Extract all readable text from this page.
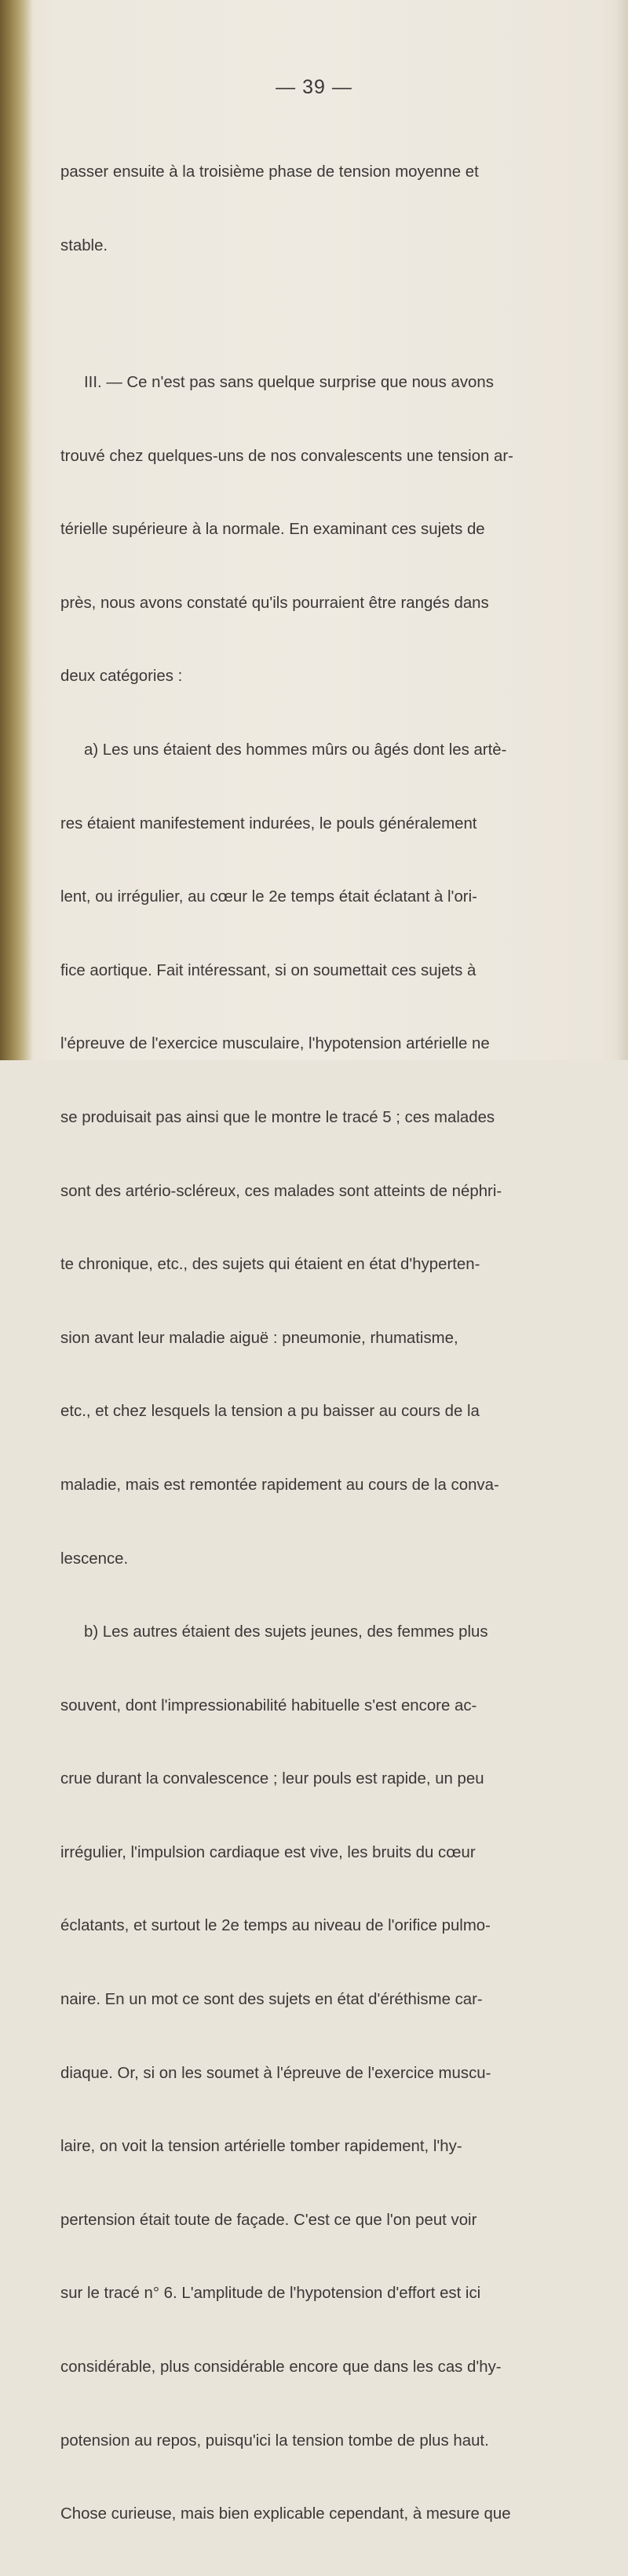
— 39 —

passer ensuite à la troisième phase de tension moyenne et

stable.

III. — Ce n'est pas sans quelque surprise que nous avons

trouvé chez quelques-uns de nos convalescents une tension ar-

térielle supérieure à la normale. En examinant ces sujets de

près, nous avons constaté qu'ils pourraient être rangés dans

deux catégories :

a) Les uns étaient des hommes mûrs ou âgés dont les artè-

res étaient manifestement indurées, le pouls généralement

lent, ou irrégulier, au cœur le 2e temps était éclatant à l'ori-

fice aortique. Fait intéressant, si on soumettait ces sujets à

l'épreuve de l'exercice musculaire, l'hypotension artérielle ne

se produisait pas ainsi que le montre le tracé 5 ; ces malades

sont des artério-scléreux, ces malades sont atteints de néphri-

te chronique, etc., des sujets qui étaient en état d'hyperten-

sion avant leur maladie aiguë : pneumonie, rhumatisme,

etc., et chez lesquels la tension a pu baisser au cours de la

maladie, mais est remontée rapidement au cours de la conva-

lescence.

b) Les autres étaient des sujets jeunes, des femmes plus

souvent, dont l'impressionabilité habituelle s'est encore ac-

crue durant la convalescence ; leur pouls est rapide, un peu

irrégulier, l'impulsion cardiaque est vive, les bruits du cœur

éclatants, et surtout le 2e temps au niveau de l'orifice pulmo-

naire. En un mot ce sont des sujets en état d'éréthisme car-

diaque. Or, si on les soumet à l'épreuve de l'exercice muscu-

laire, on voit la tension artérielle tomber rapidement, l'hy-

pertension était toute de façade. C'est ce que l'on peut voir

sur le tracé n° 6. L'amplitude de l'hypotension d'effort est ici

considérable, plus considérable encore que dans les cas d'hy-

potension au repos, puisqu'ici la tension tombe de plus haut.

Chose curieuse, mais bien explicable cependant, à mesure que
